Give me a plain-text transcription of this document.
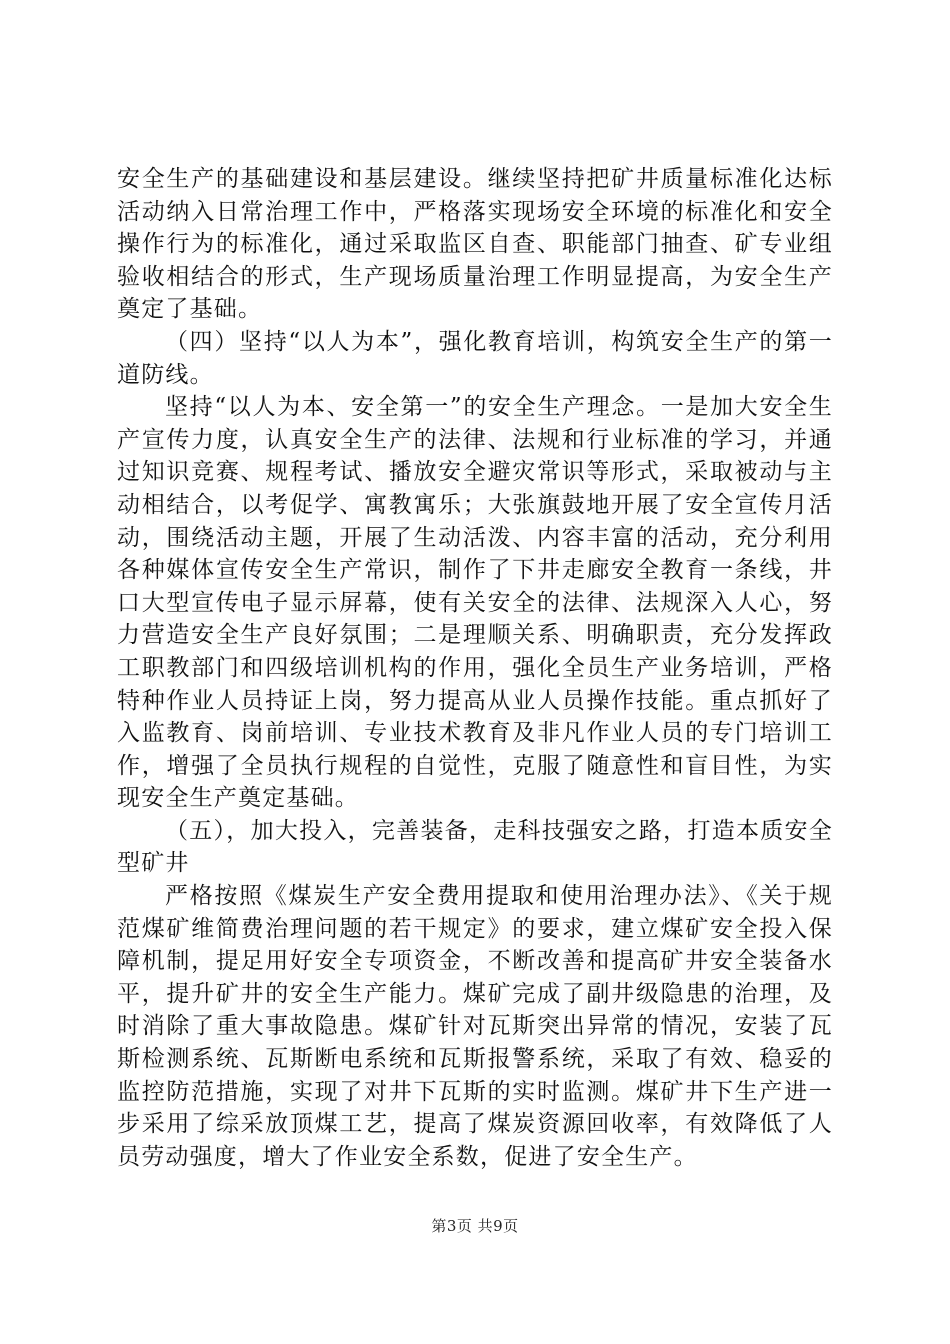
安全生产的基础建设和基层建设。继续坚持把矿井质量标准化达标活动纳入日常治理工作中，严格落实现场安全环境的标准化和安全操作行为的标准化，通过采取监区自查、职能部门抽查、矿专业组验收相结合的形式，生产现场质量治理工作明显提高，为安全生产奠定了基础。

（四）坚持“以人为本”，强化教育培训，构筑安全生产的第一道防线。

坚持“以人为本、安全第一”的安全生产理念。一是加大安全生产宣传力度，认真安全生产的法律、法规和行业标准的学习，并通过知识竞赛、规程考试、播放安全避灾常识等形式，采取被动与主动相结合，以考促学、寓教寓乐；大张旗鼓地开展了安全宣传月活动，围绕活动主题，开展了生动活泼、内容丰富的活动，充分利用各种媒体宣传安全生产常识，制作了下井走廊安全教育一条线，井口大型宣传电子显示屏幕，使有关安全的法律、法规深入人心，努力营造安全生产良好氛围；二是理顺关系、明确职责，充分发挥政工职教部门和四级培训机构的作用，强化全员生产业务培训，严格特种作业人员持证上岗，努力提高从业人员操作技能。重点抓好了入监教育、岗前培训、专业技术教育及非凡作业人员的专门培训工作，增强了全员执行规程的自觉性，克服了随意性和盲目性，为实现安全生产奠定基础。

（五），加大投入，完善装备，走科技强安之路，打造本质安全型矿井

严格按照《煤炭生产安全费用提取和使用治理办法》、《关于规范煤矿维简费治理问题的若干规定》的要求，建立煤矿安全投入保障机制，提足用好安全专项资金，不断改善和提高矿井安全装备水平，提升矿井的安全生产能力。煤矿完成了副井级隐患的治理，及时消除了重大事故隐患。煤矿针对瓦斯突出异常的情况，安装了瓦斯检测系统、瓦斯断电系统和瓦斯报警系统，采取了有效、稳妥的监控防范措施，实现了对井下瓦斯的实时监测。煤矿井下生产进一步采用了综采放顶煤工艺，提高了煤炭资源回收率，有效降低了人员劳动强度，增大了作业安全系数，促进了安全生产。

第3页 共9页
